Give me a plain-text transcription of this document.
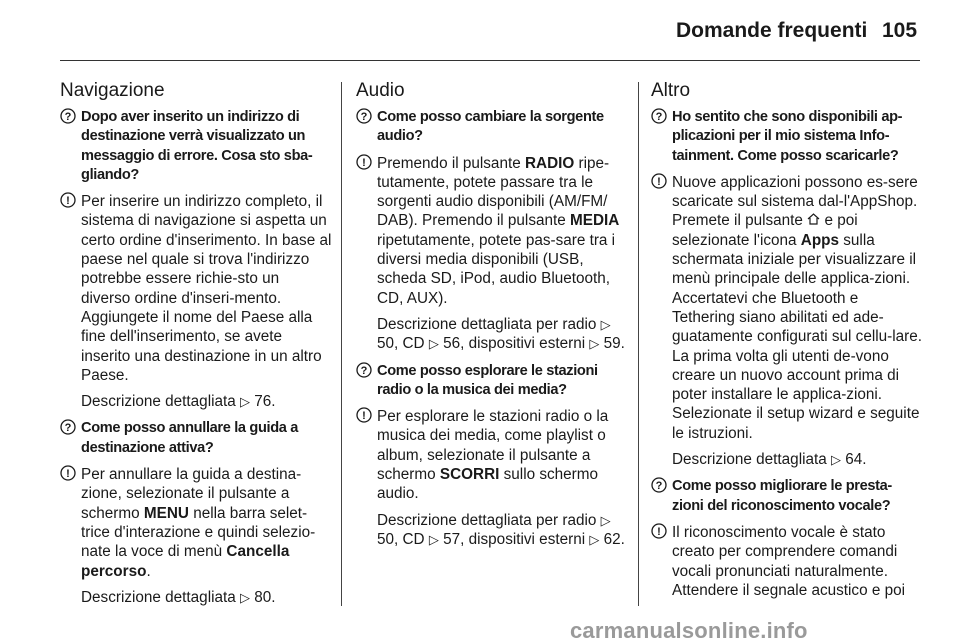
Domande frequenti 105
Navigazione
? Dopo aver inserito un indirizzo di destinazione verrà visualizzato un messaggio di errore. Cosa sto sba-gliando?

! Per inserire un indirizzo completo, il sistema di navigazione si aspetta un certo ordine d'inserimento. In base al paese nel quale si trova l'indirizzo potrebbe essere richie-sto un diverso ordine d'inseri-mento. Aggiungete il nome del Paese alla fine dell'inserimento, se avete inserito una destinazione in un altro Paese.

Descrizione dettagliata ▷ 76.

? Come posso annullare la guida a destinazione attiva?

! Per annullare la guida a destina-zione, selezionate il pulsante a schermo MENU nella barra selet-trice d'interazione e quindi selezio-nate la voce di menù Cancella percorso.

Descrizione dettagliata ▷ 80.

Audio
? Come posso cambiare la sorgente audio?

! Premendo il pulsante RADIO ripe-tutamente, potete passare tra le sorgenti audio disponibili (AM/FM/ DAB). Premendo il pulsante MEDIA ripetutamente, potete pas-sare tra i diversi media disponibili (USB, scheda SD, iPod, audio Bluetooth, CD, AUX).

Descrizione dettagliata per radio ▷ 50, CD ▷ 56, dispositivi esterni ▷ 59.

? Come posso esplorare le stazioni radio o la musica dei media?

! Per esplorare le stazioni radio o la musica dei media, come playlist o album, selezionate il pulsante a schermo SCORRI sullo schermo audio.

Descrizione dettagliata per radio ▷ 50, CD ▷ 57, dispositivi esterni ▷ 62.

Altro
? Ho sentito che sono disponibili ap-plicazioni per il mio sistema Info-tainment. Come posso scaricarle?

! Nuove applicazioni possono es-sere scaricate sul sistema dal-l'AppShop. Premete il pulsante e poi selezionate l'icona Apps sulla schermata iniziale per visualizzare il menù principale delle applica-zioni. Accertatevi che Bluetooth e Tethering siano abilitati ed ade-guatamente configurati sul cellu-lare. La prima volta gli utenti de-vono creare un nuovo account prima di poter installare le applica-zioni. Selezionate il setup wizard e seguite le istruzioni.

Descrizione dettagliata ▷ 64.

? Come posso migliorare le presta-zioni del riconoscimento vocale?

! Il riconoscimento vocale è stato creato per comprendere comandi vocali pronunciati naturalmente. Attendere il segnale acustico e poi

carmanualsonline.info
